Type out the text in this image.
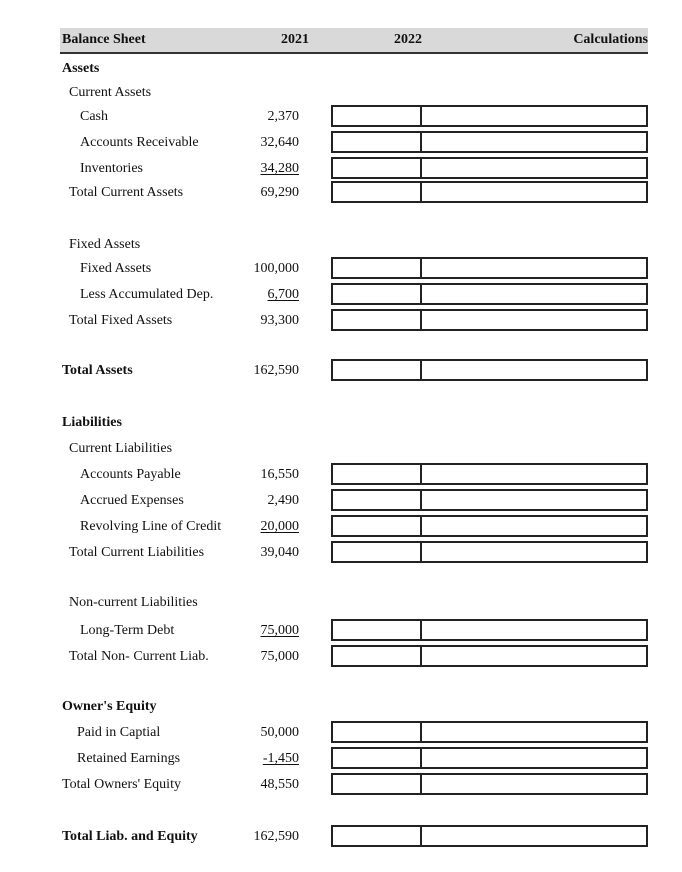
Balance Sheet	2021	2022	Calculations
Assets
Current Assets
Cash	2,370
Accounts Receivable	32,640
Inventories	34,280
Total Current Assets	69,290
Fixed Assets
Fixed Assets	100,000
Less Accumulated Dep.	6,700
Total Fixed Assets	93,300
Total Assets	162,590
Liabilities
Current Liabilities
Accounts Payable	16,550
Accrued Expenses	2,490
Revolving Line of Credit	20,000
Total Current Liabilities	39,040
Non-current Liabilities
Long-Term Debt	75,000
Total Non- Current Liab.	75,000
Owner's Equity
Paid in Captial	50,000
Retained Earnings	-1,450
Total Owners' Equity	48,550
Total Liab. and Equity	162,590
